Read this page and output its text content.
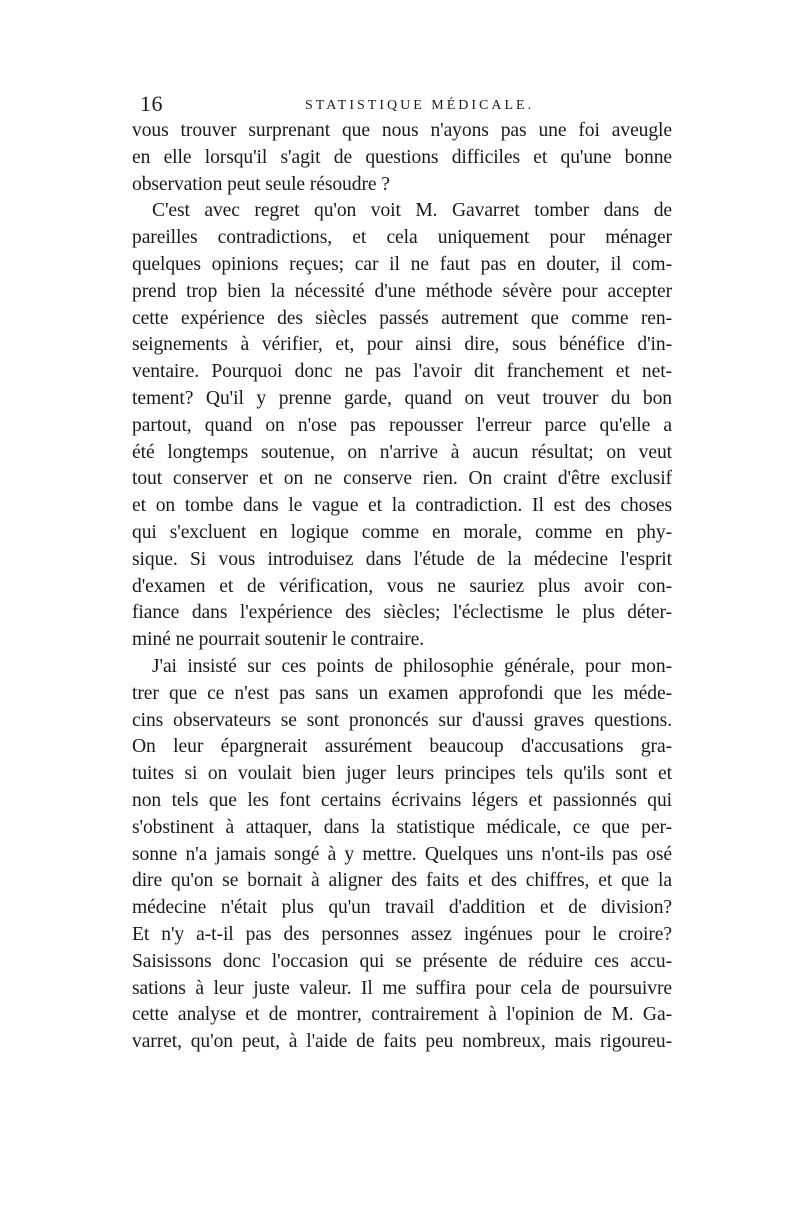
16	STATISTIQUE MÉDICALE.
vous trouver surprenant que nous n'ayons pas une foi aveugle
en elle lorsqu'il s'agit de questions difficiles et qu'une bonne
observation peut seule résoudre ?
C'est avec regret qu'on voit M. Gavarret tomber dans de
pareilles contradictions, et cela uniquement pour ménager
quelques opinions reçues; car il ne faut pas en douter, il com-
prend trop bien la nécessité d'une méthode sévère pour accepter
cette expérience des siècles passés autrement que comme ren-
seignements à vérifier, et, pour ainsi dire, sous bénéfice d'in-
ventaire. Pourquoi donc ne pas l'avoir dit franchement et net-
tement? Qu'il y prenne garde, quand on veut trouver du bon
partout, quand on n'ose pas repousser l'erreur parce qu'elle a
été longtemps soutenue, on n'arrive à aucun résultat; on veut
tout conserver et on ne conserve rien. On craint d'être exclusif
et on tombe dans le vague et la contradiction. Il est des choses
qui s'excluent en logique comme en morale, comme en phy-
sique. Si vous introduisez dans l'étude de la médecine l'esprit
d'examen et de vérification, vous ne sauriez plus avoir con-
fiance dans l'expérience des siècles; l'éclectisme le plus déter-
miné ne pourrait soutenir le contraire.
J'ai insisté sur ces points de philosophie générale, pour mon-
trer que ce n'est pas sans un examen approfondi que les méde-
cins observateurs se sont prononcés sur d'aussi graves questions.
On leur épargnerait assurément beaucoup d'accusations gra-
tuites si on voulait bien juger leurs principes tels qu'ils sont et
non tels que les font certains écrivains légers et passionnés qui
s'obstinent à attaquer, dans la statistique médicale, ce que per-
sonne n'a jamais songé à y mettre. Quelques uns n'ont-ils pas osé
dire qu'on se bornait à aligner des faits et des chiffres, et que la
médecine n'était plus qu'un travail d'addition et de division?
Et n'y a-t-il pas des personnes assez ingénues pour le croire?
Saisissons donc l'occasion qui se présente de réduire ces accu-
sations à leur juste valeur. Il me suffira pour cela de poursuivre
cette analyse et de montrer, contrairement à l'opinion de M. Ga-
varret, qu'on peut, à l'aide de faits peu nombreux, mais rigoureu-
